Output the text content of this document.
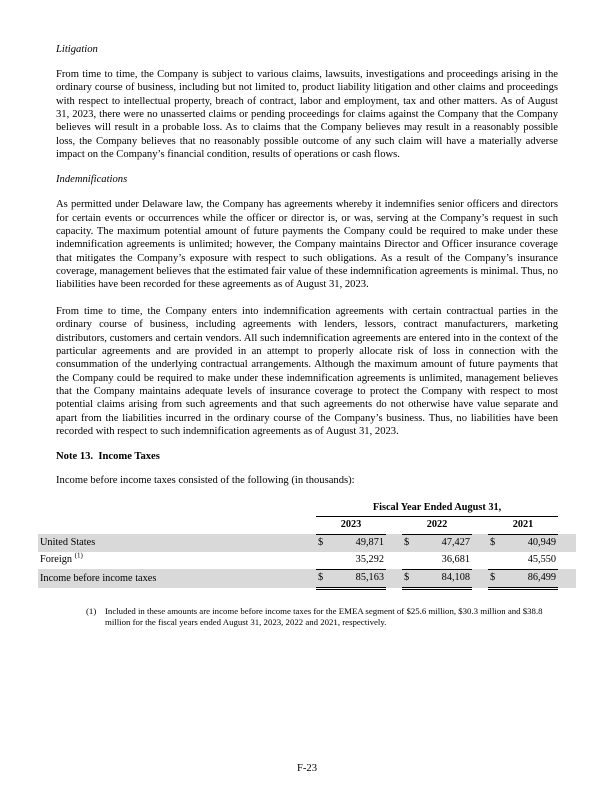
Litigation

From time to time, the Company is subject to various claims, lawsuits, investigations and proceedings arising in the ordinary course of business, including but not limited to, product liability litigation and other claims and proceedings with respect to intellectual property, breach of contract, labor and employment, tax and other matters. As of August 31, 2023, there were no unasserted claims or pending proceedings for claims against the Company that the Company believes will result in a probable loss. As to claims that the Company believes may result in a reasonably possible loss, the Company believes that no reasonably possible outcome of any such claim will have a materially adverse impact on the Company’s financial condition, results of operations or cash flows.

Indemnifications

As permitted under Delaware law, the Company has agreements whereby it indemnifies senior officers and directors for certain events or occurrences while the officer or director is, or was, serving at the Company’s request in such capacity. The maximum potential amount of future payments the Company could be required to make under these indemnification agreements is unlimited; however, the Company maintains Director and Officer insurance coverage that mitigates the Company’s exposure with respect to such obligations. As a result of the Company’s insurance coverage, management believes that the estimated fair value of these indemnification agreements is minimal. Thus, no liabilities have been recorded for these agreements as of August 31, 2023.

From time to time, the Company enters into indemnification agreements with certain contractual parties in the ordinary course of business, including agreements with lenders, lessors, contract manufacturers, marketing distributors, customers and certain vendors. All such indemnification agreements are entered into in the context of the particular agreements and are provided in an attempt to properly allocate risk of loss in connection with the consummation of the underlying contractual arrangements. Although the maximum amount of future payments that the Company could be required to make under these indemnification agreements is unlimited, management believes that the Company maintains adequate levels of insurance coverage to protect the Company with respect to most potential claims arising from such agreements and that such agreements do not otherwise have value separate and apart from the liabilities incurred in the ordinary course of the Company’s business. Thus, no liabilities have been recorded with respect to such indemnification agreements as of August 31, 2023.

Note 13.  Income Taxes
Income before income taxes consisted of the following (in thousands):
		Fiscal Year Ended August 31,								
		2023			2022			2021		
United States		$	49,871		$	47,427		$	40,949	
Foreign $^{(1)}$			35,292			36,681			45,550	
Income before income taxes		$	85,163		$	84,108		$	86,499	
(1) Included in these amounts are income before income taxes for the EMEA segment of $25.6 million, $30.3 million and $38.8 million for the fiscal years ended August 31, 2023, 2022 and 2021, respectively.
F-23
